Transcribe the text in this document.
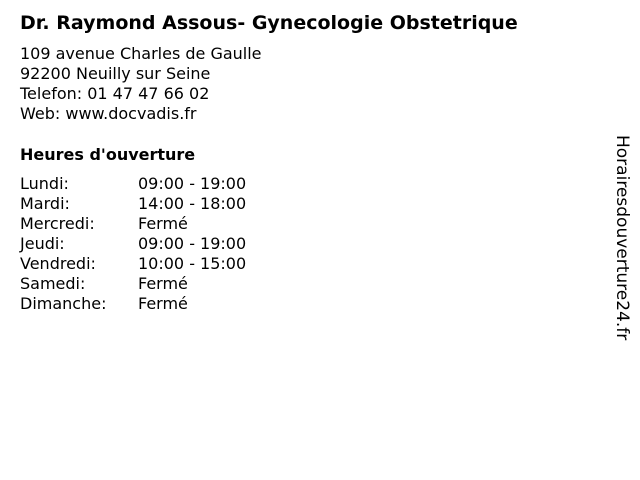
Dr. Raymond Assous- Gynecologie Obstetrique
109 avenue Charles de Gaulle
92200 Neuilly sur Seine
Telefon: 01 47 47 66 02
Web: www.docvadis.fr
Heures d'ouverture
Lundi:	09:00 - 19:00
Mardi:	14:00 - 18:00
Mercredi:	Fermé
Jeudi:	09:00 - 19:00
Vendredi:	10:00 - 15:00
Samedi:	Fermé
Dimanche: Fermé	Horairesdouverture24.fr
